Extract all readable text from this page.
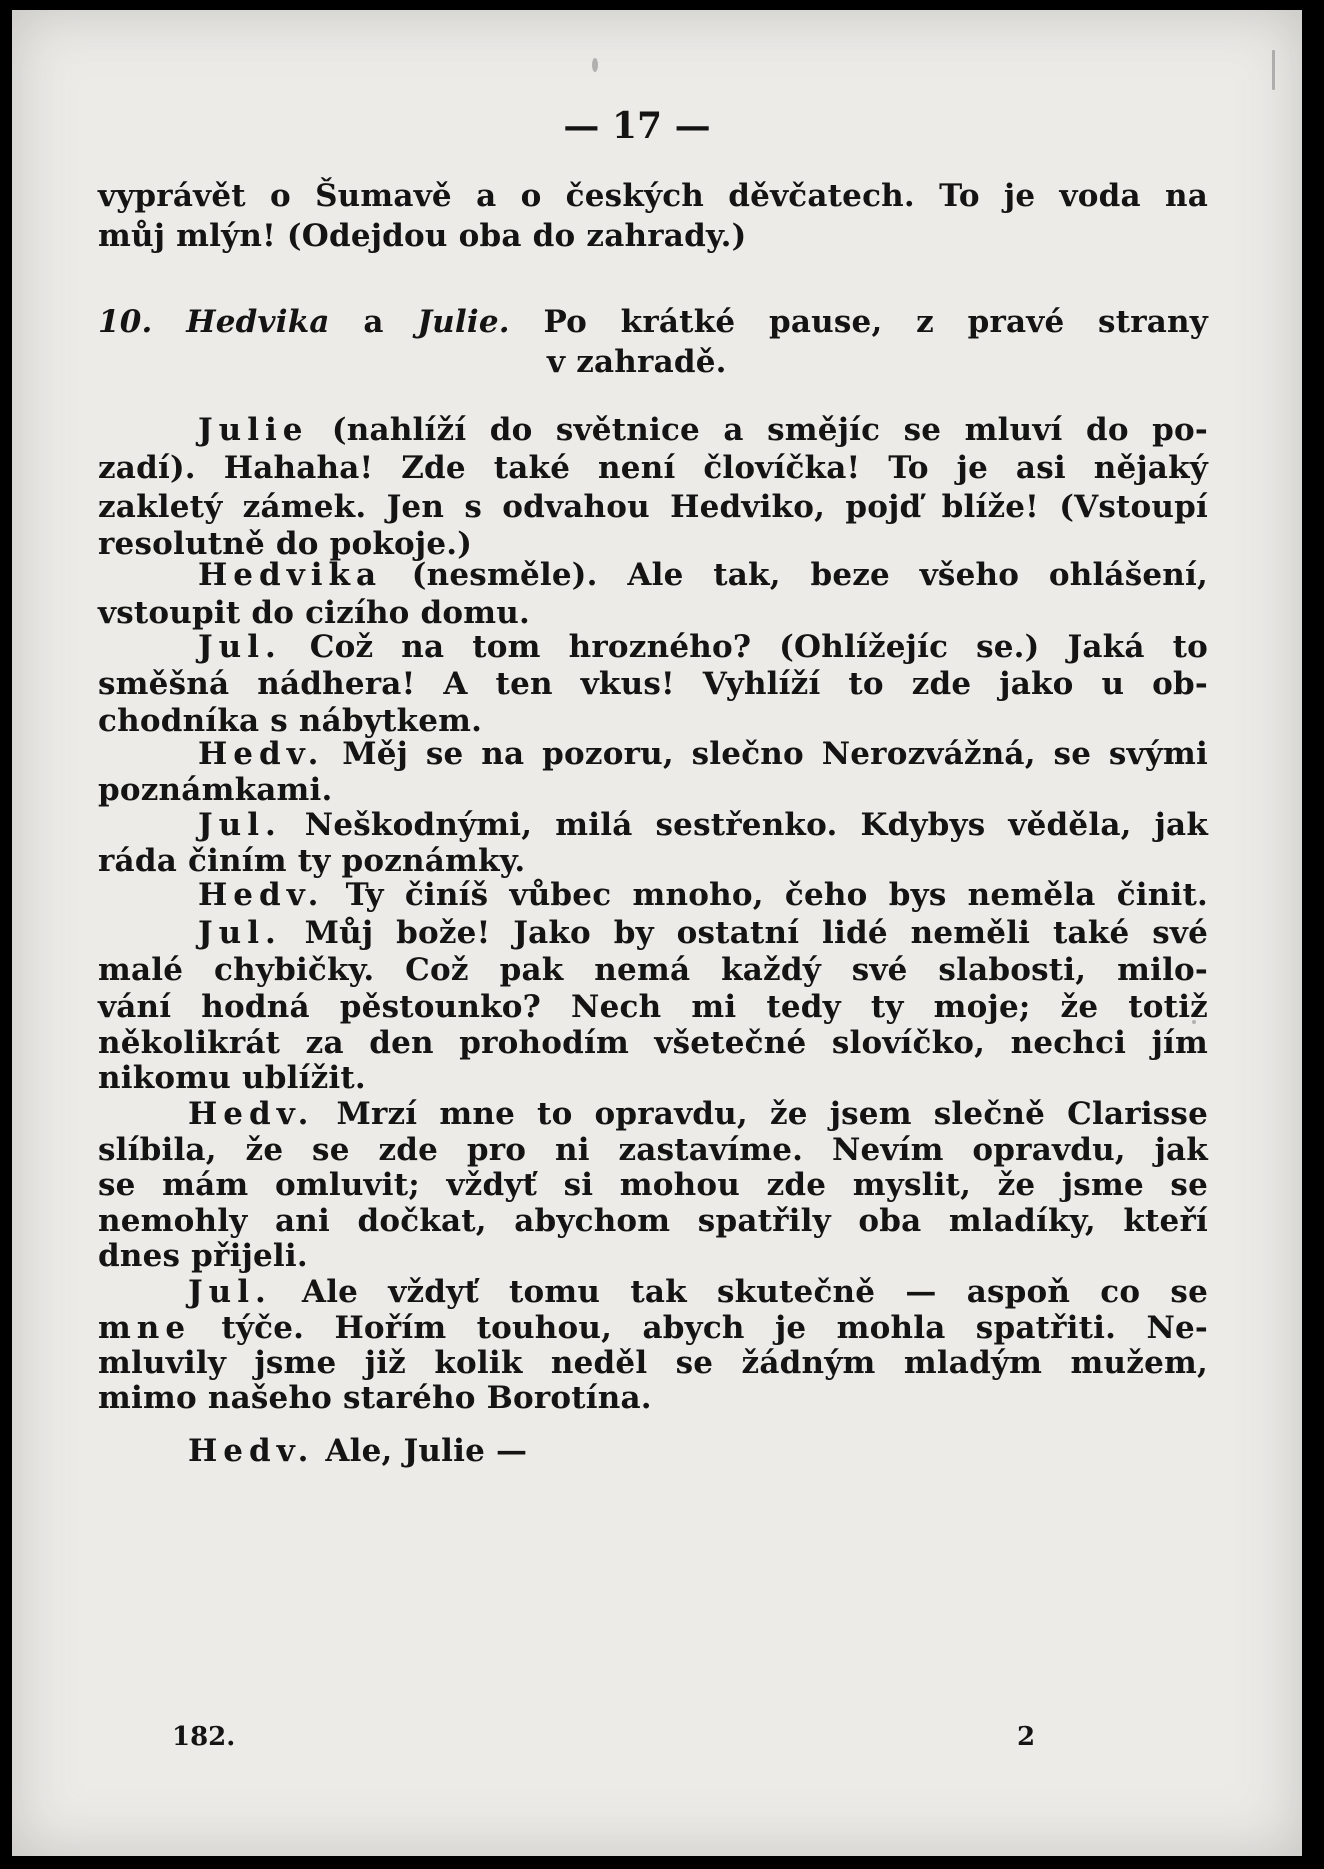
— 17 —
vyprávět o Šumavě a o českých děvčatech. To je voda na
můj mlýn! (Odejdou oba do zahrady.)
10. Hedvika a Julie. Po krátké pause, z pravé strany
v zahradě.
Julie (nahlíží do světnice a smějíc se mluví do po-
zadí). Hahaha! Zde také není človíčka! To je asi nějaký
zakletý zámek. Jen s odvahou Hedviko, pojď blíže! (Vstoupí
resolutně do pokoje.)
Hedvika (nesměle). Ale tak, beze všeho ohlášení,
vstoupit do cizího domu.
Jul. Což na tom hrozného? (Ohlížejíc se.) Jaká to
směšná nádhera! A ten vkus! Vyhlíží to zde jako u ob-
chodníka s nábytkem.
Hedv. Měj se na pozoru, slečno Nerozvážná, se svými
poznámkami.
Jul. Neškodnými, milá sestřenko. Kdybys věděla, jak
ráda činím ty poznámky.
Hedv. Ty činíš vůbec mnoho, čeho bys neměla činit.
Jul. Můj bože! Jako by ostatní lidé neměli také své
malé chybičky. Což pak nemá každý své slabosti, milo-
vání hodná pěstounko? Nech mi tedy ty moje; že totiž
několikrát za den prohodím všetečné slovíčko, nechci jím
nikomu ublížit.
Hedv. Mrzí mne to opravdu, že jsem slečně Clarisse
slíbila, že se zde pro ni zastavíme. Nevím opravdu, jak
se mám omluvit; vždyť si mohou zde myslit, že jsme se
nemohly ani dočkat, abychom spatřily oba mladíky, kteří
dnes přijeli.
Jul. Ale vždyť tomu tak skutečně — aspoň co se
mne týče. Hořím touhou, abych je mohla spatřiti. Ne-
mluvily jsme již kolik neděl se žádným mladým mužem,
mimo našeho starého Borotína.
Hedv. Ale, Julie —
182.	2
